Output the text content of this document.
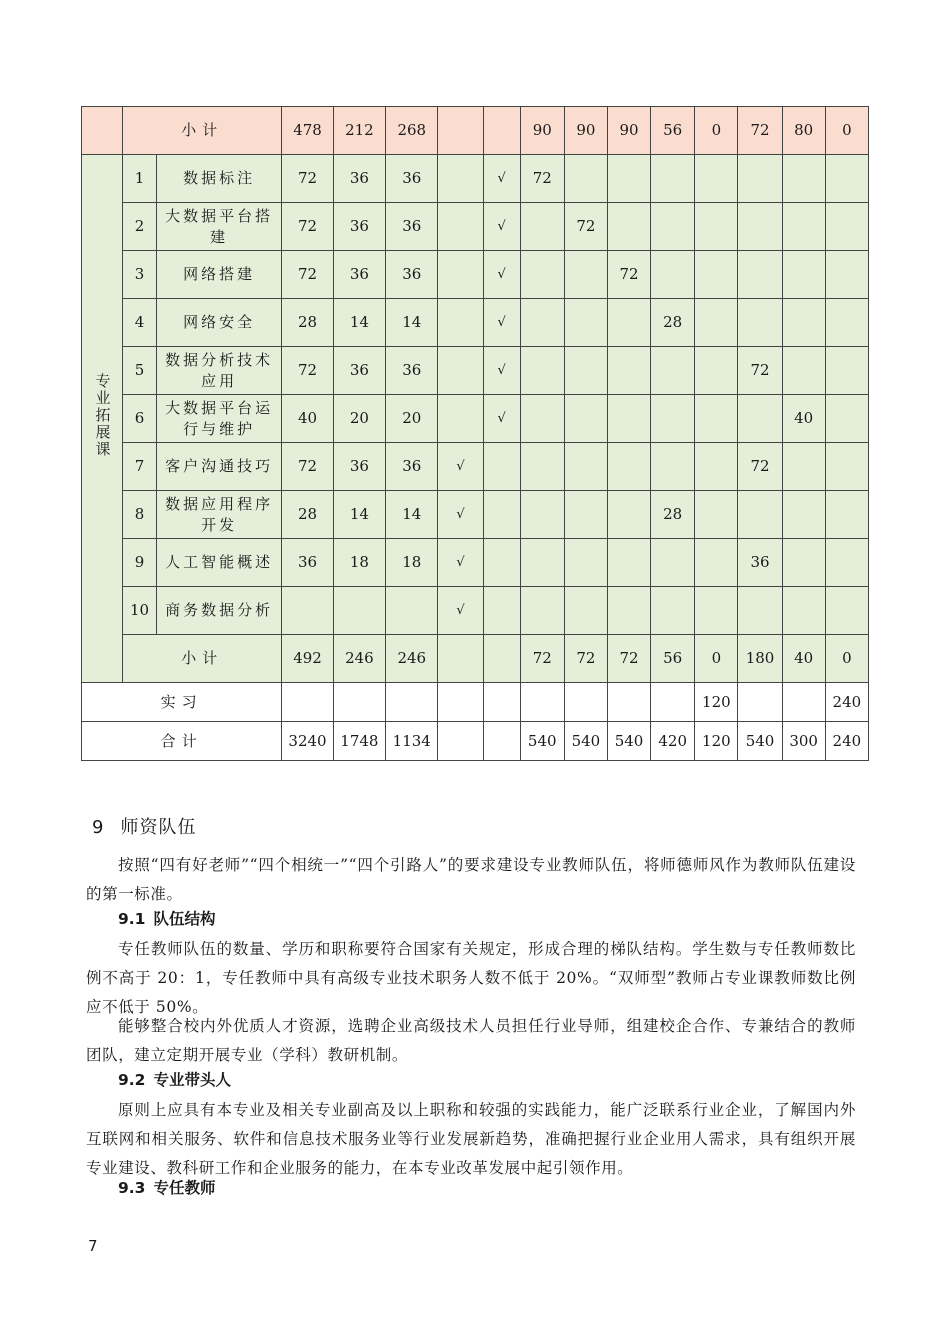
	小计		478	212	268			90	90	90	56	0	72	80	0
专业拓展课	1	数据标注	72	36	36		√	72							
	2	大数据平台搭建	72	36	36		√		72						
	3	网络搭建	72	36	36		√			72					
	4	网络安全	28	14	14		√				28				
	5	数据分析技术应用	72	36	36		√						72		
	6	大数据平台运行与维护	40	20	20		√							40	
	7	客户沟通技巧	72	36	36	√							72		
	8	数据应用程序开发	28	14	14	√					28				
	9	人工智能概述	36	18	18	√							36		
	10	商务数据分析				√									
	小计		492	246	246			72	72	72	56	0	180	40	0
实习												120			240
合计			3240	1748	1134			540	540	540	420	120	540	300	240
9 师资队伍

按照“四有好老师”“四个相统一”“四个引路人”的要求建设专业教师队伍，将师德师风作为教师队伍建设的第一标准。

9.1 队伍结构

专任教师队伍的数量、学历和职称要符合国家有关规定，形成合理的梯队结构。学生数与专任教师数比例不高于 20：1，专任教师中具有高级专业技术职务人数不低于 20%。“双师型”教师占专业课教师数比例应不低于 50%。

能够整合校内外优质人才资源，选聘企业高级技术人员担任行业导师，组建校企合作、专兼结合的教师团队，建立定期开展专业（学科）教研机制。

9.2 专业带头人

原则上应具有本专业及相关专业副高及以上职称和较强的实践能力，能广泛联系行业企业，了解国内外互联网和相关服务、软件和信息技术服务业等行业发展新趋势，准确把握行业企业用人需求，具有组织开展专业建设、教科研工作和企业服务的能力，在本专业改革发展中起引领作用。

9.3 专任教师

7
